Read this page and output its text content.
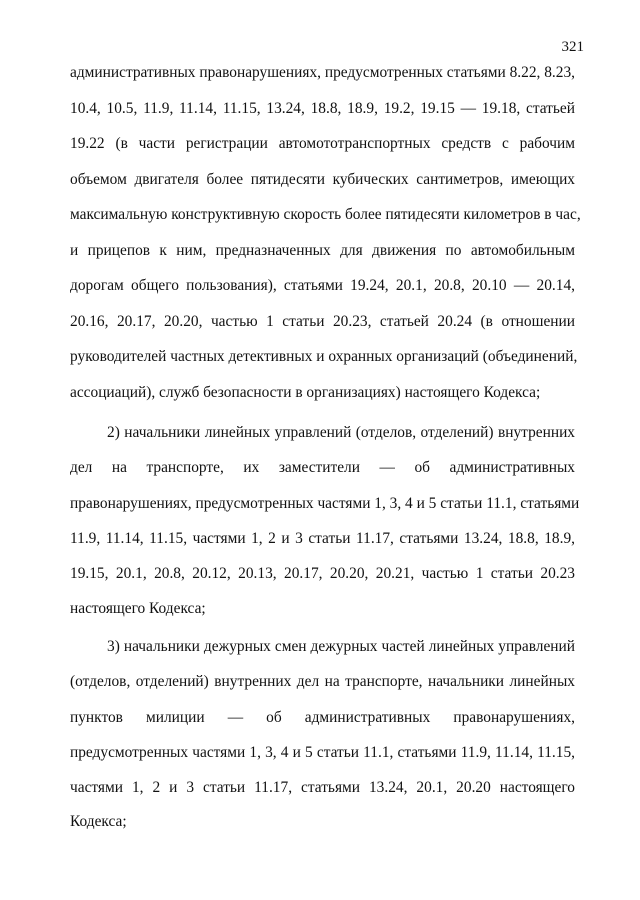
321
административных правонарушениях, предусмотренных статьями 8.22, 8.23,
10.4, 10.5, 11.9, 11.14, 11.15, 13.24, 18.8, 18.9, 19.2, 19.15 — 19.18, статьей
19.22 (в части регистрации автомототранспортных средств с рабочим
объемом двигателя более пятидесяти кубических сантиметров, имеющих
максимальную конструктивную скорость более пятидесяти километров в час,
и прицепов к ним, предназначенных для движения по автомобильным
дорогам общего пользования), статьями 19.24, 20.1, 20.8, 20.10 — 20.14,
20.16, 20.17, 20.20, частью 1 статьи 20.23, статьей 20.24 (в отношении
руководителей частных детективных и охранных организаций (объединений,
ассоциаций), служб безопасности в организациях) настоящего Кодекса;
2) начальники линейных управлений (отделов, отделений) внутренних
дел на транспорте, их заместители — об административных
правонарушениях, предусмотренных частями 1, 3, 4 и 5 статьи 11.1, статьями
11.9, 11.14, 11.15, частями 1, 2 и 3 статьи 11.17, статьями 13.24, 18.8, 18.9,
19.15, 20.1, 20.8, 20.12, 20.13, 20.17, 20.20, 20.21, частью 1 статьи 20.23
настоящего Кодекса;
3) начальники дежурных смен дежурных частей линейных управлений
(отделов, отделений) внутренних дел на транспорте, начальники линейных
пунктов милиции — об административных правонарушениях,
предусмотренных частями 1, 3, 4 и 5 статьи 11.1, статьями 11.9, 11.14, 11.15,
частями 1, 2 и 3 статьи 11.17, статьями 13.24, 20.1, 20.20 настоящего
Кодекса;
